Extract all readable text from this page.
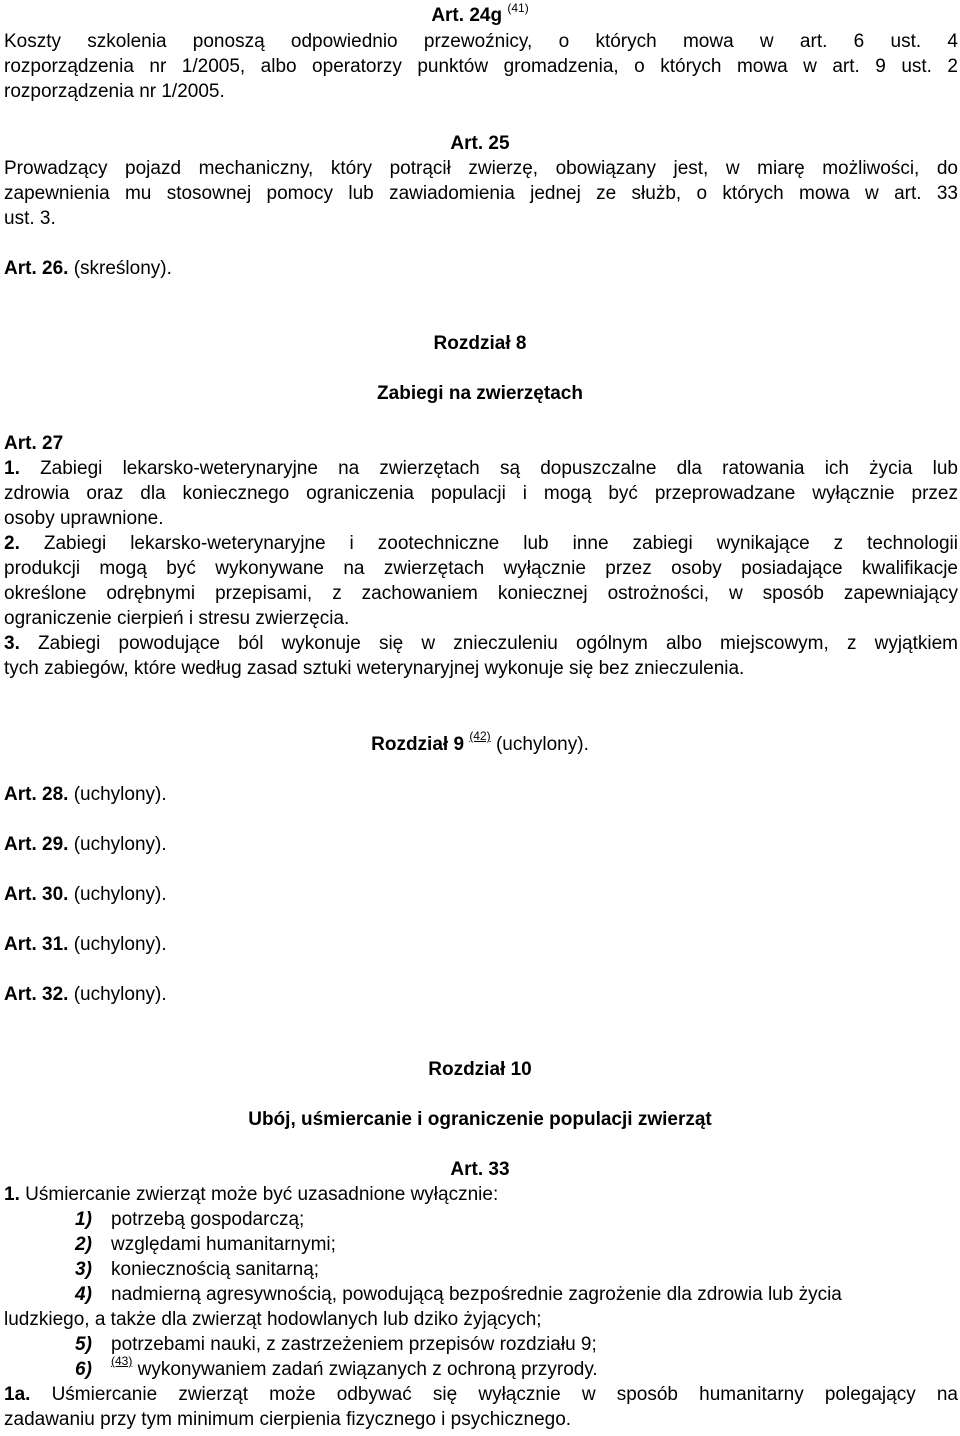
Art. 24g $^{(41)}$
Koszty szkolenia ponoszą odpowiednio przewoźnicy, o których mowa w art. 6 ust. 4
rozporządzenia nr 1/2005, albo operatorzy punktów gromadzenia, o których mowa w art. 9 ust. 2
rozporządzenia nr 1/2005.
Art. 25
Prowadzący pojazd mechaniczny, który potrącił zwierzę, obowiązany jest, w miarę możliwości, do
zapewnienia mu stosownej pomocy lub zawiadomienia jednej ze służb, o których mowa w art. 33
ust. 3.
Art. 26. (skreślony).
Rozdział 8
Zabiegi na zwierzętach
Art. 27
1. Zabiegi lekarsko-weterynaryjne na zwierzętach są dopuszczalne dla ratowania ich życia lub
zdrowia oraz dla koniecznego ograniczenia populacji i mogą być przeprowadzane wyłącznie przez
osoby uprawnione.
2. Zabiegi lekarsko-weterynaryjne i zootechniczne lub inne zabiegi wynikające z technologii
produkcji mogą być wykonywane na zwierzętach wyłącznie przez osoby posiadające kwalifikacje
określone odrębnymi przepisami, z zachowaniem koniecznej ostrożności, w sposób zapewniający
ograniczenie cierpień i stresu zwierzęcia.
3. Zabiegi powodujące ból wykonuje się w znieczuleniu ogólnym albo miejscowym, z wyjątkiem
tych zabiegów, które według zasad sztuki weterynaryjnej wykonuje się bez znieczulenia.
Rozdział 9 $^{(42)}$ (uchylony).
Art. 28. (uchylony).
Art. 29. (uchylony).
Art. 30. (uchylony).
Art. 31. (uchylony).
Art. 32. (uchylony).
Rozdział 10
Ubój, uśmiercanie i ograniczenie populacji zwierząt
Art. 33
1. Uśmiercanie zwierząt może być uzasadnione wyłącznie:
1) potrzebą gospodarczą;
2) względami humanitarnymi;
3) koniecznością sanitarną;
4) nadmierną agresywnością, powodującą bezpośrednie zagrożenie dla zdrowia lub życia
ludzkiego, a także dla zwierząt hodowlanych lub dziko żyjących;
5) potrzebami nauki, z zastrzeżeniem przepisów rozdziału 9;
6) $^{(43)}$ wykonywaniem zadań związanych z ochroną przyrody.
1a. Uśmiercanie zwierząt może odbywać się wyłącznie w sposób humanitarny polegający na
zadawaniu przy tym minimum cierpienia fizycznego i psychicznego.
